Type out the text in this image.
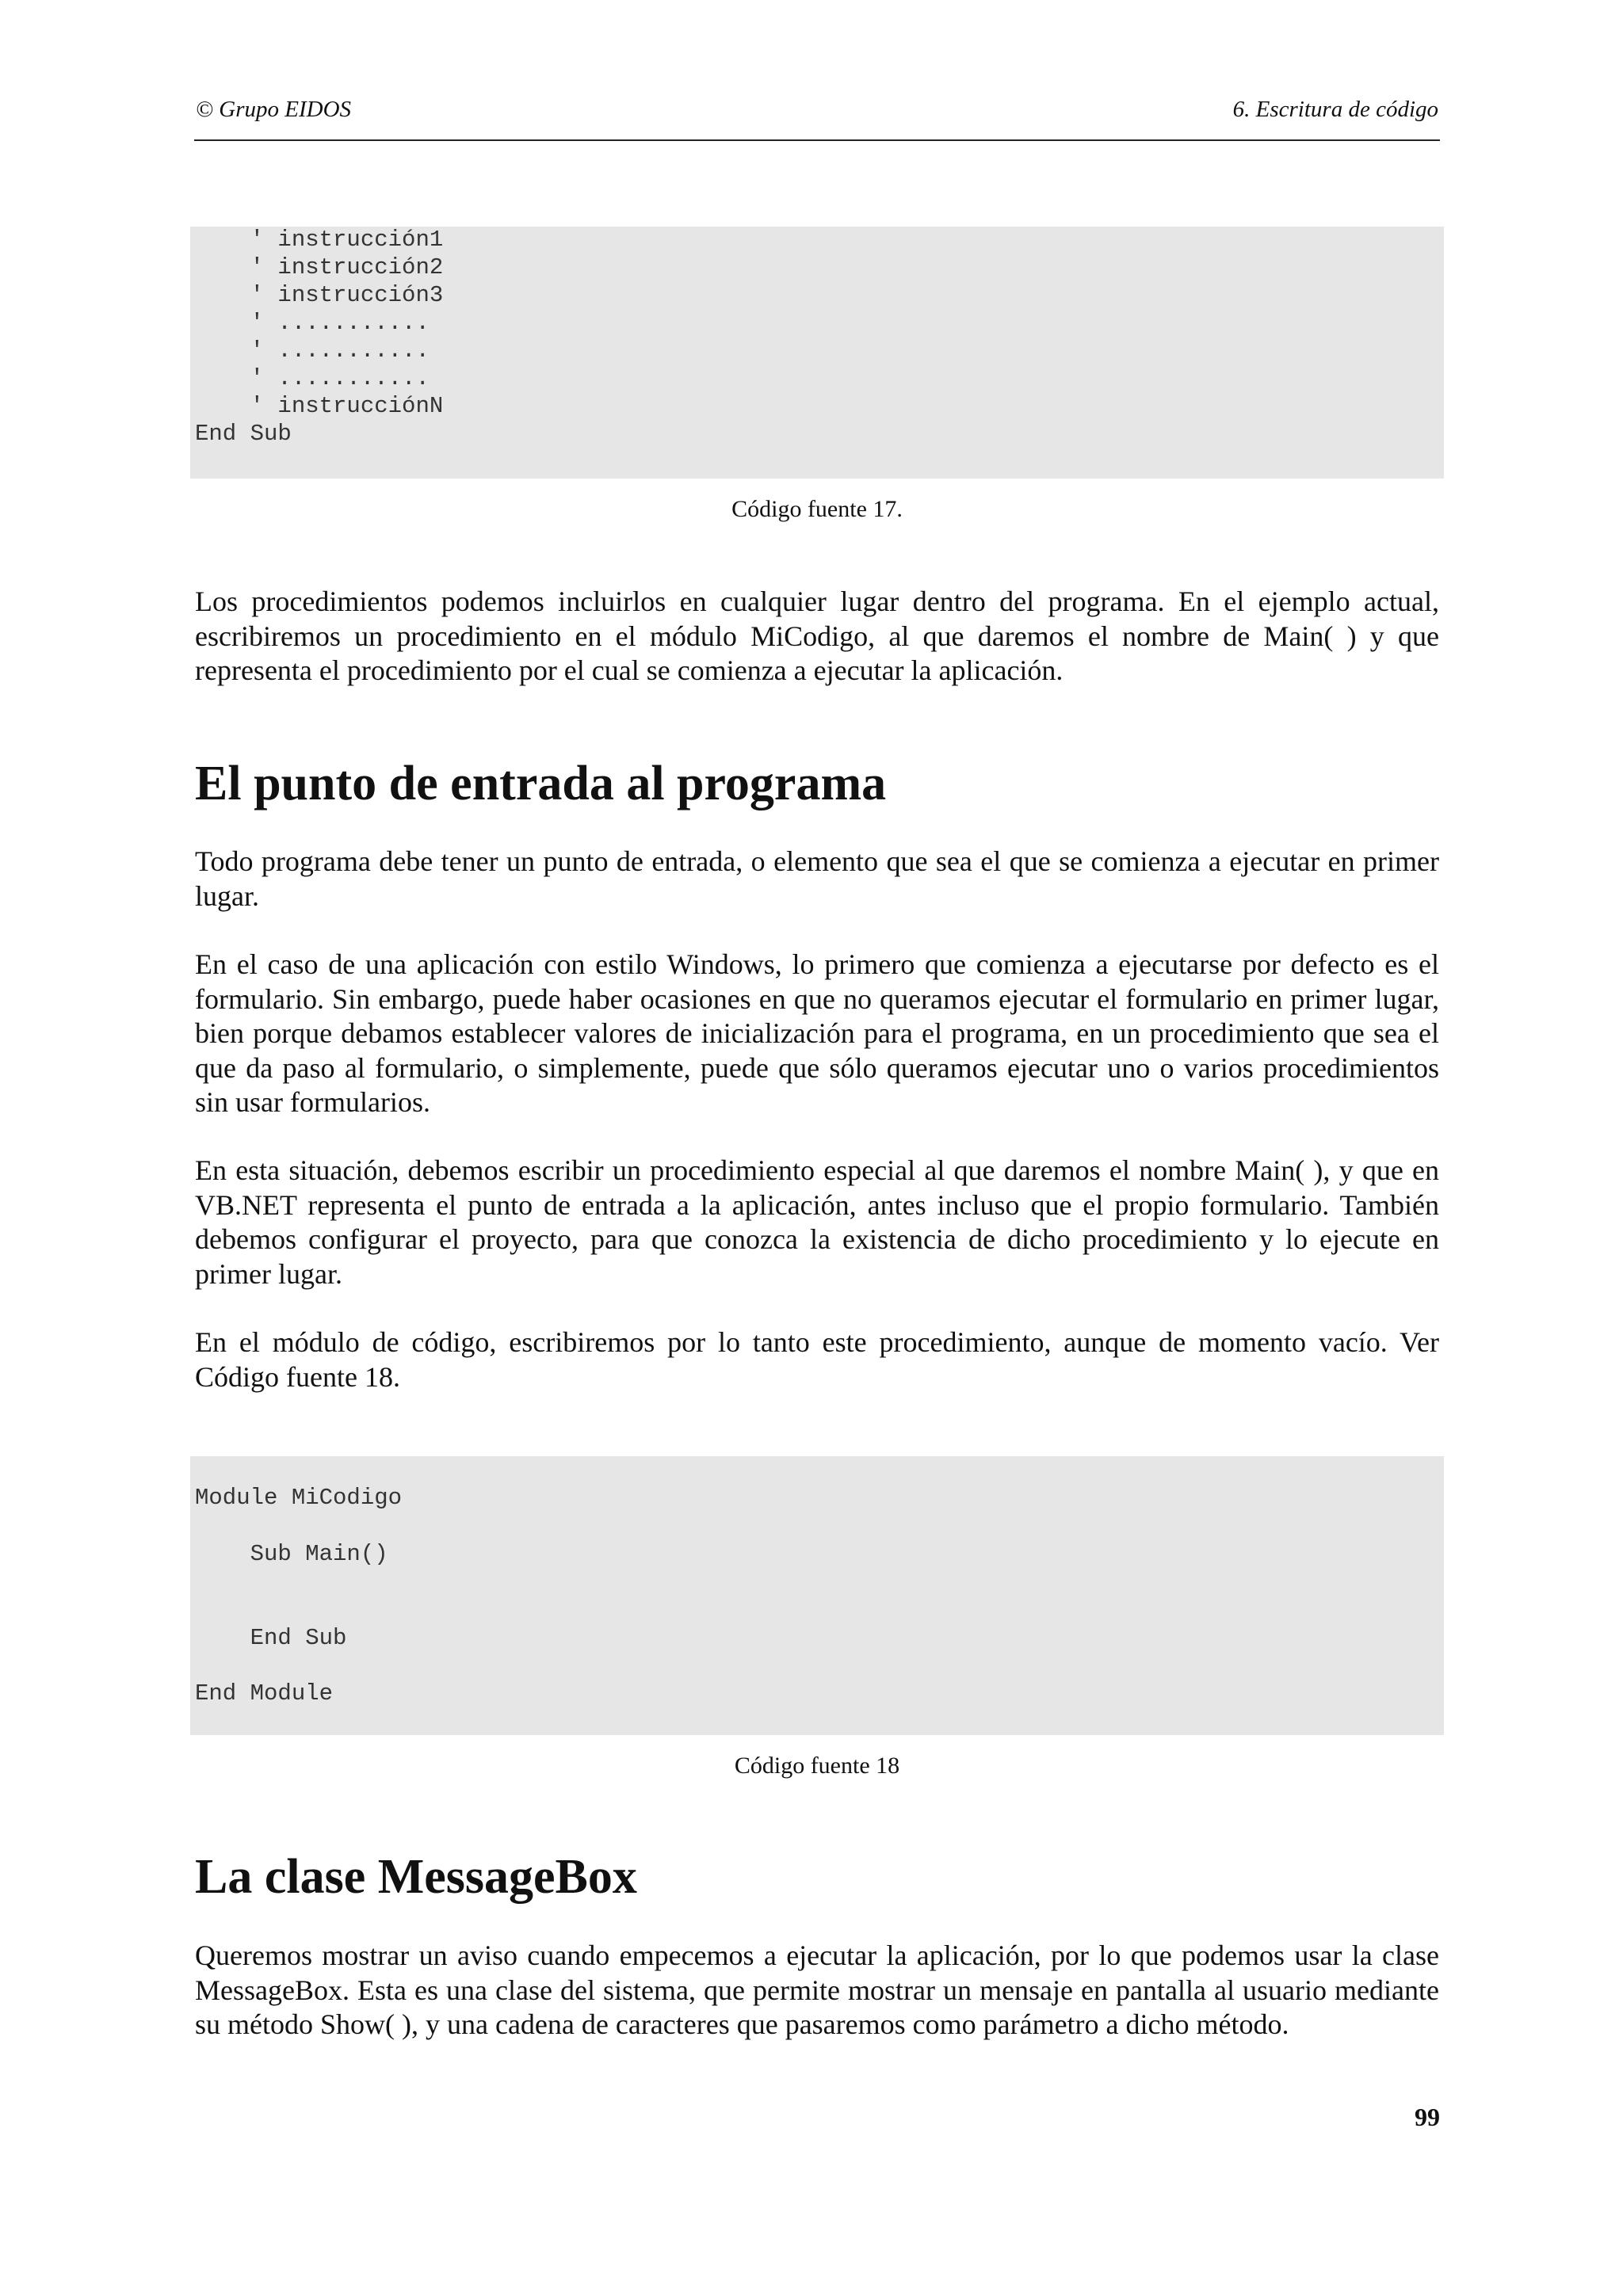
© Grupo EIDOS	6. Escritura de código
' instrucción1
' instrucción2
' instrucción3
' ...........
' ...........
' ...........
' instrucciónN
End Sub
Código fuente 17.

Los procedimientos podemos incluirlos en cualquier lugar dentro del programa. En el ejemplo actual, escribiremos un procedimiento en el módulo MiCodigo, al que daremos el nombre de Main( ) y que representa el procedimiento por el cual se comienza a ejecutar la aplicación.

El punto de entrada al programa

Todo programa debe tener un punto de entrada, o elemento que sea el que se comienza a ejecutar en primer lugar.

En el caso de una aplicación con estilo Windows, lo primero que comienza a ejecutarse por defecto es el formulario. Sin embargo, puede haber ocasiones en que no queramos ejecutar el formulario en primer lugar, bien porque debamos establecer valores de inicialización para el programa, en un procedimiento que sea el que da paso al formulario, o simplemente, puede que sólo queramos ejecutar uno o varios procedimientos sin usar formularios.

En esta situación, debemos escribir un procedimiento especial al que daremos el nombre Main( ), y que en VB.NET representa el punto de entrada a la aplicación, antes incluso que el propio formulario. También debemos configurar el proyecto, para que conozca la existencia de dicho procedimiento y lo ejecute en primer lugar.

En el módulo de código, escribiremos por lo tanto este procedimiento, aunque de momento vacío. Ver Código fuente 18.

Module MiCodigo
Sub Main()
End Sub
End Module
Código fuente 18
La clase MessageBox

Queremos mostrar un aviso cuando empecemos a ejecutar la aplicación, por lo que podemos usar la clase MessageBox. Esta es una clase del sistema, que permite mostrar un mensaje en pantalla al usuario mediante su método Show( ), y una cadena de caracteres que pasaremos como parámetro a dicho método.

99
